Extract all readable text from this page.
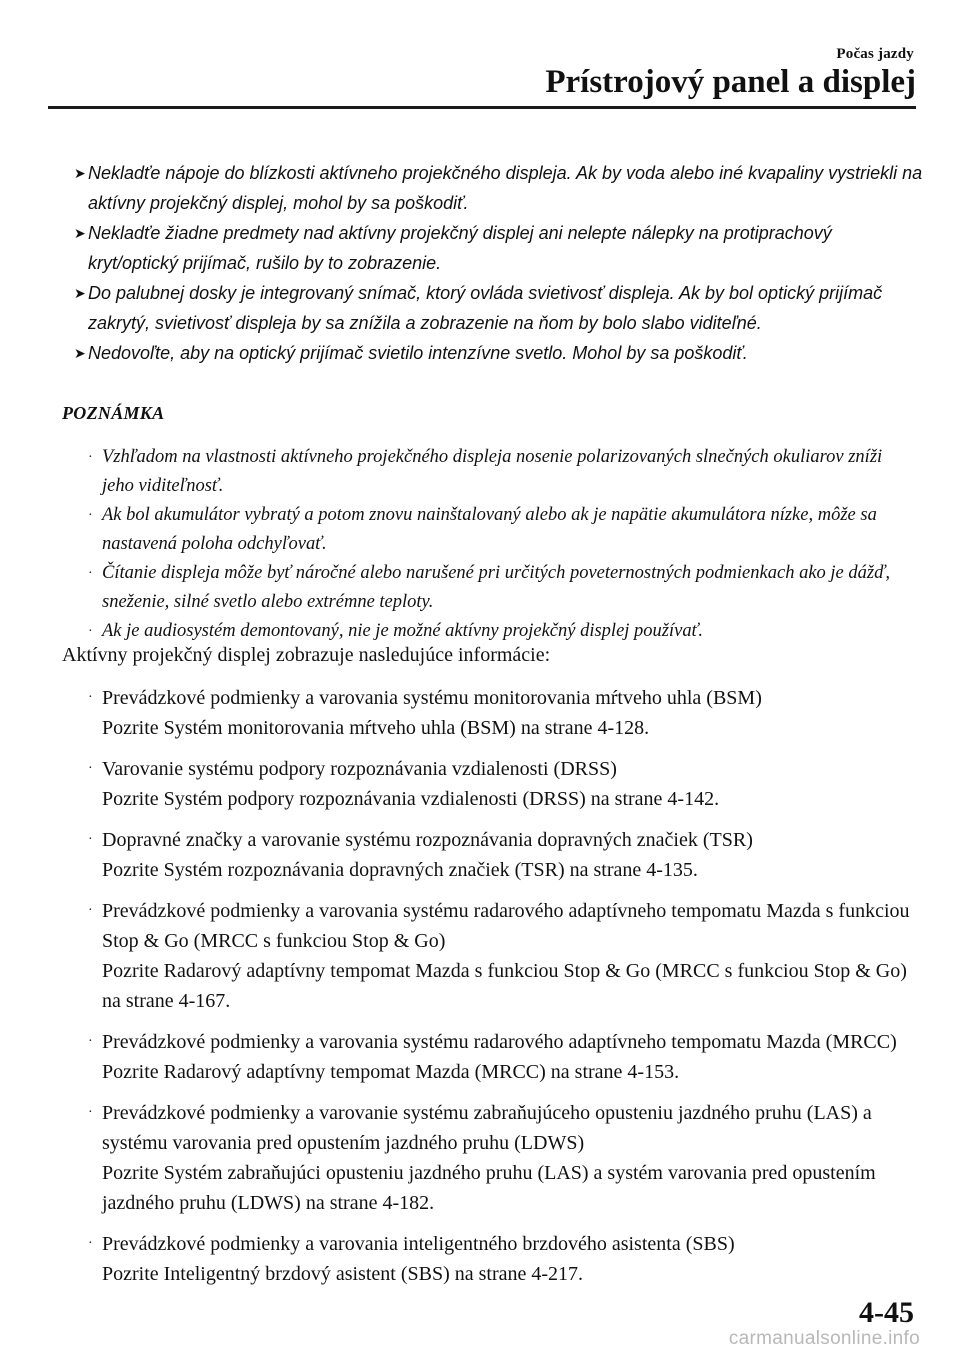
Počas jazdy
Prístrojový panel a displej
➤ Nekladťe nápoje do blízkosti aktívneho projekčného displeja. Ak by voda alebo iné kvapaliny vystriekli na aktívny projekčný displej, mohol by sa poškodiť.
➤ Nekladťe žiadne predmety nad aktívny projekčný displej ani nelepte nálepky na protiprachový kryt/optický prijímač, rušilo by to zobrazenie.
➤ Do palubnej dosky je integrovaný snímač, ktorý ovláda svietivosť displeja. Ak by bol optický prijímač zakrytý, svietivosť displeja by sa znížila a zobrazenie na ňom by bolo slabo viditeľné.
➤ Nedovoľte, aby na optický prijímač svietilo intenzívne svetlo. Mohol by sa poškodiť.
POZNÁMKA
· Vzhľadom na vlastnosti aktívneho projekčného displeja nosenie polarizovaných slnečných okuliarov zníži jeho viditeľnosť.
· Ak bol akumulátor vybratý a potom znovu nainštalovaný alebo ak je napätie akumulátora nízke, môže sa nastavená poloha odchyľovať.
· Čítanie displeja môže byť náročné alebo narušené pri určitých poveternostných podmienkach ako je dážď, sneženie, silné svetlo alebo extrémne teploty.
· Ak je audiosystém demontovaný, nie je možné aktívny projekčný displej používať.
Aktívny projekčný displej zobrazuje nasledujúce informácie:
· Prevádzkové podmienky a varovania systému monitorovania mŕtveho uhla (BSM)
Pozrite Systém monitorovania mŕtveho uhla (BSM) na strane 4-128.
· Varovanie systému podpory rozpoznávania vzdialenosti (DRSS)
Pozrite Systém podpory rozpoznávania vzdialenosti (DRSS) na strane 4-142.
· Dopravné značky a varovanie systému rozpoznávania dopravných značiek (TSR)
Pozrite Systém rozpoznávania dopravných značiek (TSR) na strane 4-135.
· Prevádzkové podmienky a varovania systému radarového adaptívneho tempomatu Mazda s funkciou Stop & Go (MRCC s funkciou Stop & Go)
Pozrite Radarový adaptívny tempomat Mazda s funkciou Stop & Go (MRCC s funkciou Stop & Go) na strane 4-167.
· Prevádzkové podmienky a varovania systému radarového adaptívneho tempomatu Mazda (MRCC)
Pozrite Radarový adaptívny tempomat Mazda (MRCC) na strane 4-153.
· Prevádzkové podmienky a varovanie systému zabraňujúceho opusteniu jazdného pruhu (LAS) a systému varovania pred opustením jazdného pruhu (LDWS)
Pozrite Systém zabraňujúci opusteniu jazdného pruhu (LAS) a systém varovania pred opustením jazdného pruhu (LDWS) na strane 4-182.
· Prevádzkové podmienky a varovania inteligentného brzdového asistenta (SBS)
Pozrite Inteligentný brzdový asistent (SBS) na strane 4-217.
4-45
carmanualsonline.info
